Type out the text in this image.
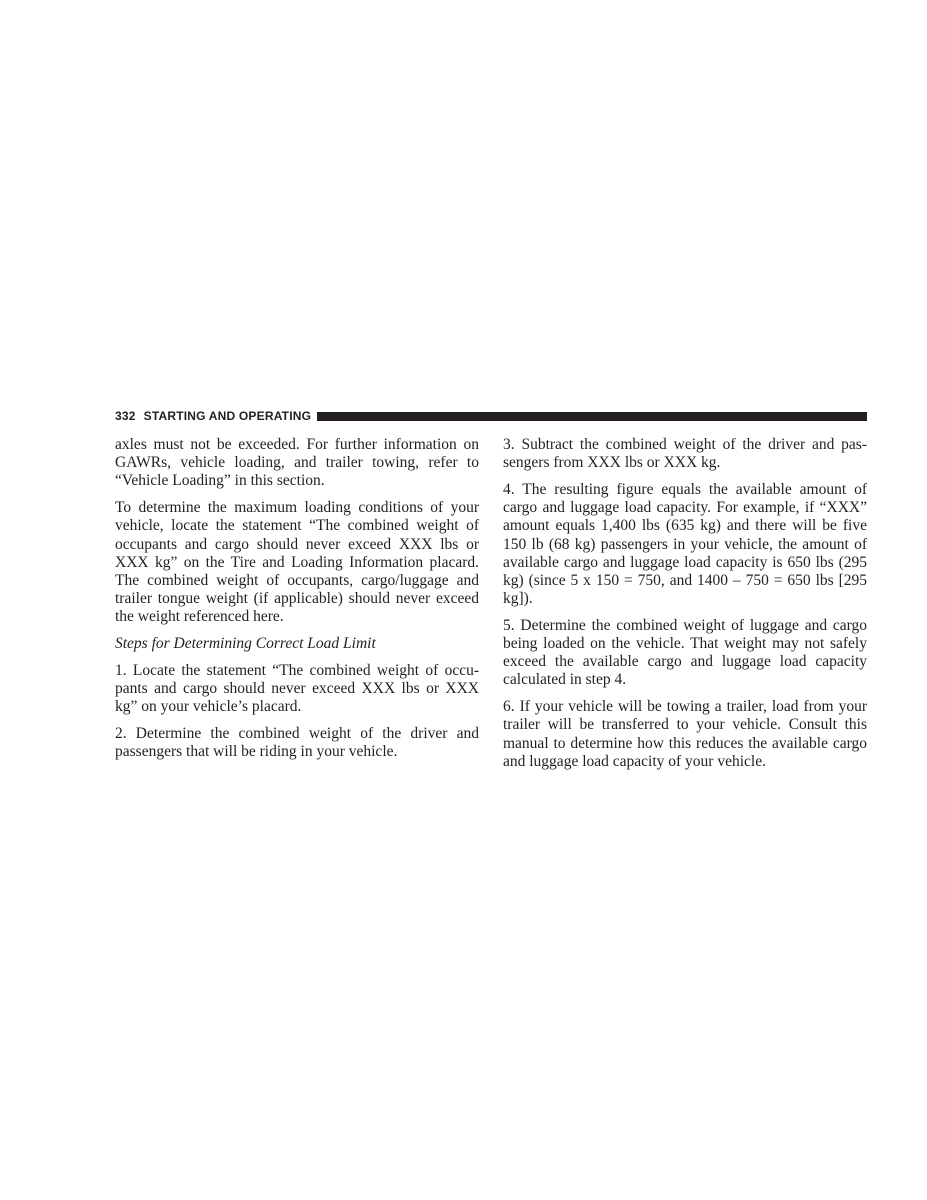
332 STARTING AND OPERATING

axles must not be exceeded. For further information on GAWRs, vehicle loading, and trailer towing, refer to “Vehicle Loading” in this section.

To determine the maximum loading conditions of your vehicle, locate the statement “The combined weight of occupants and cargo should never exceed XXX lbs or XXX kg” on the Tire and Loading Information placard. The combined weight of occupants, cargo/luggage and trailer tongue weight (if applicable) should never exceed the weight referenced here.

Steps for Determining Correct Load Limit

1. Locate the statement “The combined weight of occupants and cargo should never exceed XXX lbs or XXX kg” on your vehicle’s placard.

2. Determine the combined weight of the driver and passengers that will be riding in your vehicle.

3. Subtract the combined weight of the driver and passengers from XXX lbs or XXX kg.

4. The resulting figure equals the available amount of cargo and luggage load capacity. For example, if “XXX” amount equals 1,400 lbs (635 kg) and there will be five 150 lb (68 kg) passengers in your vehicle, the amount of available cargo and luggage load capacity is 650 lbs (295 kg) (since 5 x 150 = 750, and 1400 – 750 = 650 lbs [295 kg]).

5. Determine the combined weight of luggage and cargo being loaded on the vehicle. That weight may not safely exceed the available cargo and luggage load capacity calculated in step 4.

6. If your vehicle will be towing a trailer, load from your trailer will be transferred to your vehicle. Consult this manual to determine how this reduces the available cargo and luggage load capacity of your vehicle.
